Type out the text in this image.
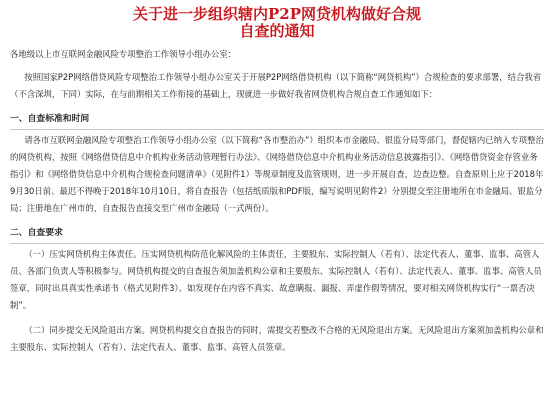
关于进一步组织辖内P2P网贷机构做好合规
自查的通知

各地级以上市互联网金融风险专项整治工作领导小组办公室：

按照国家P2P网络借贷风险专项整治工作领导小组办公室关于开展P2P网络借贷机构（以下简称“网贷机构”）合规检查的要求部署，结合我省（不含深圳，下同）实际，在与前期相关工作衔接的基础上，现就进一步做好我省网贷机构合规自查工作通知如下：

一、自查标准和时间

请各市互联网金融风险专项整治工作领导小组办公室（以下简称“各市整治办”）组织本市金融局、银监分局等部门，督促辖内已纳入专项整治的网贷机构，按照《网络借贷信息中介机构业务活动管理暂行办法》、《网络借贷信息中介机构业务活动信息披露指引》、《网络借贷资金存管业务指引》和《网络借贷信息中介机构合规检查问题清单》（见附件1）等规章制度及监管规则，进一步开展自查，边查边整。自查原则上应于2018年9月30日前、最迟不得晚于2018年10月10日，将自查报告（包括纸质版和PDF版，编写说明见附件2）分别提交至注册地所在市金融局、银监分局；注册地在广州市的，自查报告直接交至广州市金融局（一式两份）。

二、自查要求

（一）压实网贷机构主体责任。压实网贷机构防范化解风险的主体责任，主要股东、实际控制人（若有）、法定代表人、董事、监事、高管人员、各部门负责人等积极参与。网贷机构提交的自查报告须加盖机构公章和主要股东、实际控制人（若有）、法定代表人、董事、监事、高管人员签章，同时出具真实性承诺书（格式见附件3）。如发现存在内容不真实、故意瞒报、漏报、弄虚作假等情况，要对相关网贷机构实行“一票否决制”。

（二）同步提交无风险退出方案。网贷机构提交自查报告的同时，需提交若整改不合格的无风险退出方案。无风险退出方案须加盖机构公章和主要股东、实际控制人（若有）、法定代表人、董事、监事、高管人员签章。
